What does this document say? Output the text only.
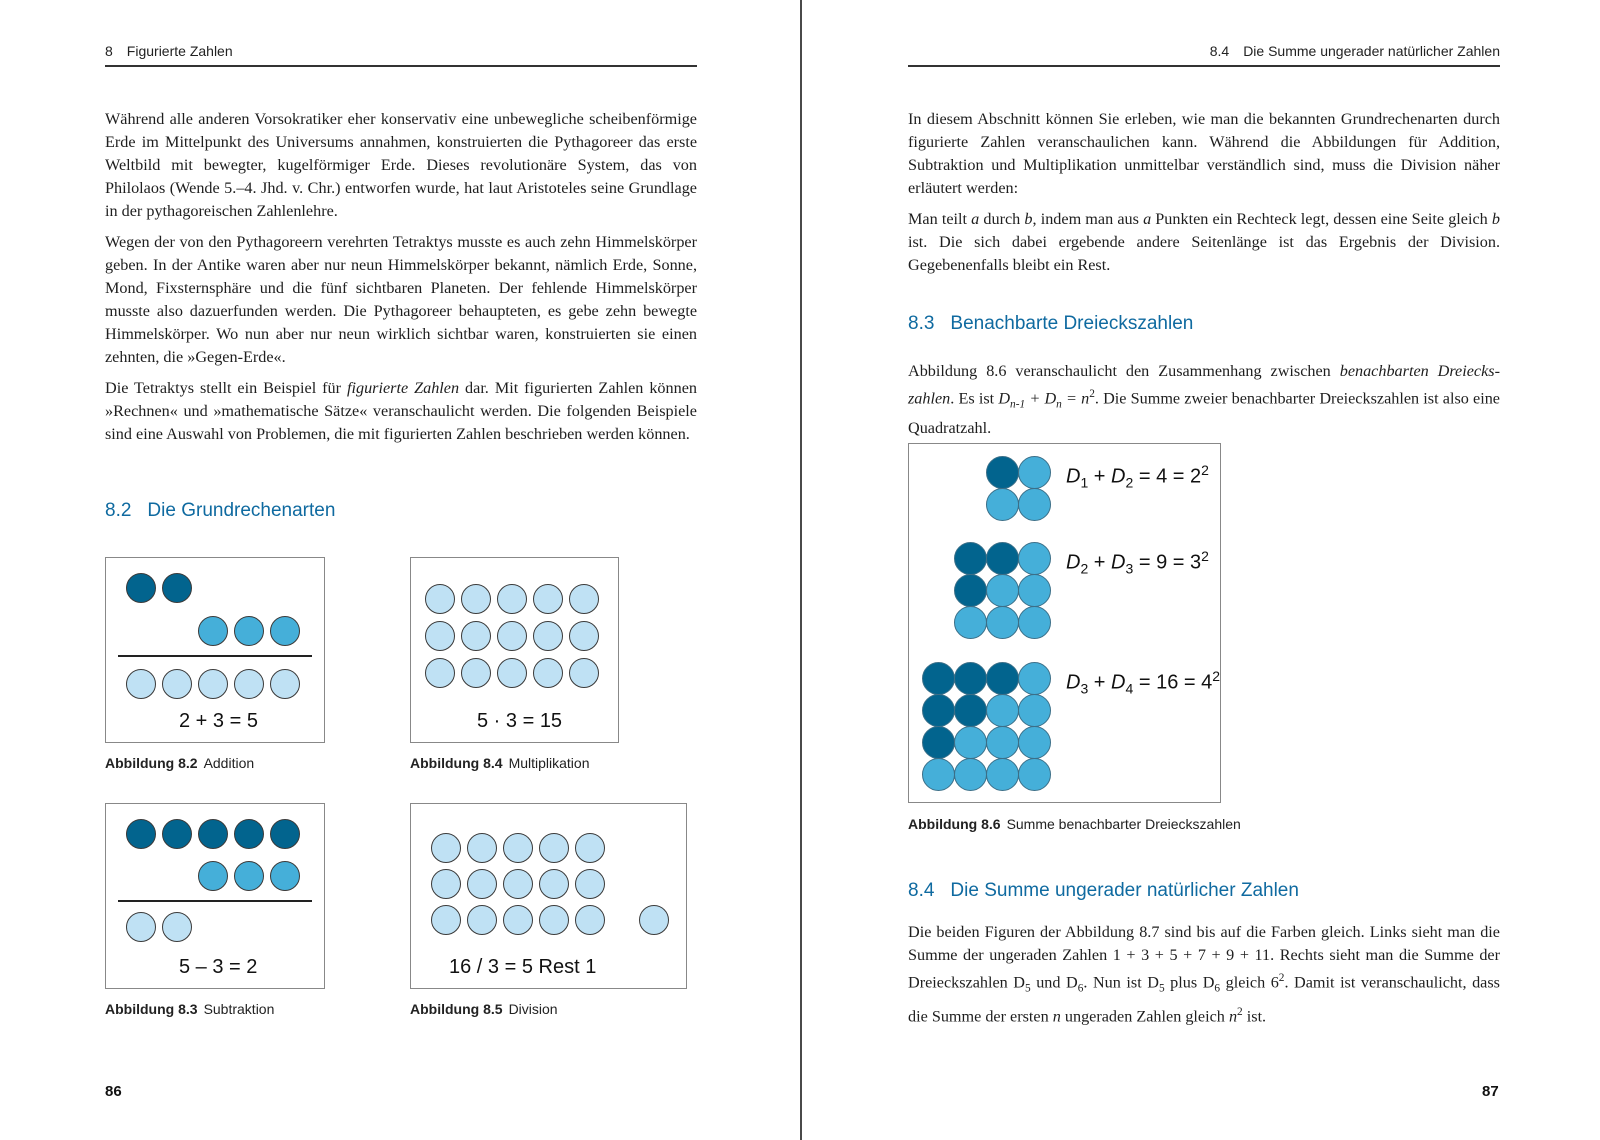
8 Figurierte Zahlen

Während alle anderen Vorsokratiker eher konservativ eine unbewegliche scheibenförmige Erde im Mittelpunkt des Universums annahmen, konstruierten die Pythagoreer das erste Weltbild mit bewegter, kugelförmiger Erde. Dieses revolutionäre System, das von Philolaos (Wende 5.–4. Jhd. v. Chr.) entworfen wurde, hat laut Aristoteles seine Grundlage in der pythagoreischen Zahlenlehre.

Wegen der von den Pythagoreern verehrten Tetraktys musste es auch zehn Himmelskörper geben. In der Antike waren aber nur neun Himmelskörper bekannt, nämlich Erde, Sonne, Mond, Fixsternsphäre und die fünf sichtbaren Planeten. Der fehlende Himmelskörper musste also dazuerfunden werden. Die Pythagoreer behaupteten, es gebe zehn bewegte Himmelskörper. Wo nun aber nur neun wirklich sichtbar waren, konstruierten sie einen zehnten, die »Gegen-Erde«.

Die Tetraktys stellt ein Beispiel für figurierte Zahlen dar. Mit figurierten Zahlen können »Rechnen« und »mathematische Sätze« veranschaulicht werden. Die folgenden Beispiele sind eine Auswahl von Problemen, die mit figurierten Zahlen beschrieben werden können.

8.2 Die Grundrechenarten
2 + 3 = 5
Abbildung 8.2 Addition
5 · 3 = 15
Abbildung 8.4 Multiplikation
5 – 3 = 2
Abbildung 8.3 Subtraktion
16 / 3 = 5 Rest 1
Abbildung 8.5 Division
86
8.4 Die Summe ungerader natürlicher Zahlen

In diesem Abschnitt können Sie erleben, wie man die bekannten Grundrechenarten durch figurierte Zahlen veranschaulichen kann. Während die Abbildungen für Addition, Subtraktion und Multiplikation unmittelbar verständlich sind, muss die Division näher erläutert werden:

Man teilt a durch b, indem man aus a Punkten ein Rechteck legt, dessen eine Seite gleich b ist. Die sich dabei ergebende andere Seitenlänge ist das Ergebnis der Division. Gegebenenfalls bleibt ein Rest.

8.3 Benachbarte Dreieckszahlen

Abbildung 8.6 veranschaulicht den Zusammenhang zwischen benachbarten Dreieckszahlen. Es ist $D_{n-1} + D_n = n^2$. Die Summe zweier benachbarter Dreieckszahlen ist also eine Quadratzahl.

$D_1 + D_2 = 4 = 2^2$
$D_2 + D_3 = 9 = 3^2$
$D_3 + D_4 = 16 = 4^2$
Abbildung 8.6 Summe benachbarter Dreieckszahlen
8.4 Die Summe ungerader natürlicher Zahlen

Die beiden Figuren der Abbildung 8.7 sind bis auf die Farben gleich. Links sieht man die Summe der ungeraden Zahlen 1 + 3 + 5 + 7 + 9 + 11. Rechts sieht man die Summe der Dreieckszahlen $D_5$ und $D_6$. Nun ist $D_5$ plus $D_6$ gleich $6^2$. Damit ist veranschaulicht, dass die Summe der ersten n ungeraden Zahlen gleich $n^2$ ist.

87
